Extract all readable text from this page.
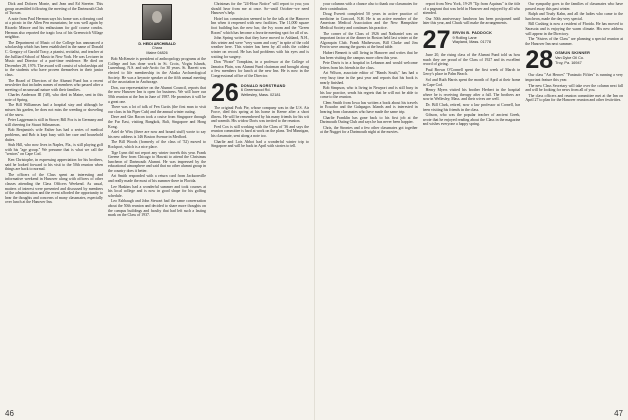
Dick and Dolores Monte, and Jean and Ed Streeter. This group assembled following the meeting of the Dartmouth Club of Tucson.

A note from Paul Herman says his home was a drawing card at a picnic in the Allen Pen mountains; he was well again by Ricardo Minore and his enthusiasm for golf course condos. Herman also reported the tragic loss of his Greenwich Village neighbor.

The Department of Music of the College has announced a scholarship which has been established in the name of Donald C. Gregory of Garold Tracy, a pianist, recitalist, and teacher at the Juilliard School of Music in New York. He was Lecturer in Music and Director of a part-time residence. He died on December 28, 1976. The award will consist of scholarships aid to the students who have proven themselves in their junior class.

The Board of Directors of the Alumni Fund has a recent newsletter that includes names of members who passed after a meeting of an unusual nature with their families.

Charles Anderson III ('48), who died in Maine, sent in this note of Spring.

The Bill Williamses had a hospital stay and although he misses his garden, he does not miss the weeding or shoveling of the snow.

Peter Laggeman is still in Stowe; Bill Fox is in Germany and still cheering for Stuart Stilmanson.

Bob Benjamin's wife Esther has had a series of medical problems, and Bob is kept busy with her care and household duties.

Stub Hill, who now lives in Naples, Fla., is still playing golf with his "age group." We presume that is what we call the "seniors" on Cape Cod.

Ken Christophe, in expressing appreciation for his brothers, said he looked forward to his visit to the 50th reunion when things are back to normal.

The officers of the Class spent an interesting and informative weekend in Hanover along with officers of other classes attending the Class Officers Weekend. As usual, matters of interest were presented and discussed by members of the administration and the event afforded the opportunity to hear the thoughts and concerns of many classmates, especially over lunch at the Hanover Inn.

D. HEIDI ARCHIBALD
Chara
Maine 04826

Bob McKenzie is president of anthropology programs at the College and has done work in St. Croix, Virgin Islands, Lunenburg, N.S. and sub-Arctic for 30 years. St. Barrett was elected to life membership in the Alaska Archaeological Society. He was a keynote speaker at the fifth annual meeting of the association in Anchorage.

Don, our representative on the Alumni Council, reports that the new Hanover Inn is open for business. We will have our 50th reunion at the Inn in June of 1987. He promises it will be a great one.

There was a lot of talk of Fen Curtis (the first man to visit our class in his Piper Cub) and the annual winter outing.

Dave and Gin Bacon took a cruise from Singapore through the Far East, visiting Bangkok, Bali, Singapore and Hong Kong.

Ariel de Wiss (there are now and bound stuff) wrote to say his new address is 146 Boston Avenue in Medford.

The Bill Woods (formerly of the class of '52) moved to Rockport, which is a nice place.

Tige Lynn did not report any winter travels this year. Frank Greene flew from Chicago to Hawaii to attend the Christmas luncheon of Dartmouth Alumni. He was impressed by the educational atmosphere and said that no other alumni group in the country does it better.

Art Smith responded with a return card from Jacksonville and really made the most of his summer there in Florida.

Lee Haskins had a wonderful summer and took courses at his local college and is now in good shape for his golfing schedule.

Leo Eshbaugh and John Stewart had the same conversation about the 50th reunion and decided to share more thoughts on the campus buildings and faculty that had left such a lasting mark on the Class of 1937.

Christmas for the "24-Hour Notice" will report to you; you should hear from me at once. So--until October--we need Hanover's help.

Hotel tax commission seemed to be the talk at the Hanover Inn when it reopened with new facilities. The 11,000 square foot building has the new bar, the Ivy room and the "Green Room" which has become a favorite meeting spot for all of us.

John Spring writes that they have moved to Ashland, N.H., this winter and were "very warm and cozy" in spite of the cold weather here. This winter has been by all odds the coldest winter on record. He has had problems with his eyes and is waiting for surgery.

Don "Pirate" Tompkins, in a professor at the College of Jamaica Plain, was Alumni Fund chairman and brought along a few members for lunch at the new Inn. He is now in the Congressional office of the Director.

26 DONALD NORSTRAND
6 Greenwood Rd.
Wellesley, Mass. 02181

The original Pork Pie, whose company was in the U.S. Air Force, died this spring at his home in Keene after a short illness. He will be remembered by his many friends for his wit and warmth. His widow Doris was invited to the reunion.

Fred Cox is still working with the Class of '36 and says the reunion committee is hard at work on the plans. Ted Minnigan, his classmate, sent along a note too.

Charlie and Lois Abbot had a wonderful winter trip to Singapore and will be back in April with stories to tell.

46

your columns with a chance also to thank our classmates for their contribution.

Doug Everett completed 50 years in active practice of medicine in Concord, N.H. He is an active member of the American Medical Association and the New Hampshire Medical Society and continues his practice.

The corner of the Class of 1926 and Nathaniel was an important factor at the dinner in Boston held last winter at the Algonquin Club. Frank Mathewson, Bill Clarke and Jim Ferrin were among the guests at the head table.

Hubert Bennett is still living in Hanover and writes that he has been visiting the campus more often this year.

Pete Davis is in a hospital in Lebanon and would welcome letters from his friends in the class.

Art Wilson, associate editor of "Hands South," has had a very busy time in the past year and reports that his book is nearly finished.

Bob Simpson, who is living in Newport and is still busy in his law practice, sends his regrets that he will not be able to come to the reunion.

Clem Smith from Iowa has written a book about his travels in Ecuador and the Galapagos Islands and is interested in hearing from classmates who have made the same trip.

Charlie Franklin has gone back to his first job at the Dartmouth Outing Club and says he has never been happier.

Chris, the Strontes and a few other classmates got together at the Nugget for a Dartmouth night at the movies.

report from New York, 19-29 "Up from Aquinas" is the title of a pageant that was held in Hanover and enjoyed by all who attended.

Our 50th anniversary luncheon has been postponed until later this year, and Chuck will make the arrangements.

27 ERVIN B. PADDOCK
9 Rolling Lane
Wayland, Mass. 01778

June 20, the rising class of the Alumni Fund told us how much they are proud of the Class of 1927 and its excellent record of giving.

Paul Brown O'Connell spent the first week of March in Gerry's place in Palm Beach.

Sol and Ruth Harris spent the month of April at their home in Cape Cod.

Henry Myers visited his brother Herbert in the hospital where he is receiving therapy after a fall. The brothers are now in Wellesley, Mass. and their wives are well.

Dr. Bill Clark, retired, now a law professor at Cornell, has been visiting his friends in the class.

Gibson, who was the popular teacher of ancient Greek, wrote that he enjoyed reading about the Class in the magazine and wishes everyone a happy spring.

Our sympathy goes to the families of classmates who have passed away this past winter.

Ralph and Trudy Kahn, and all the ladies who came to the luncheon, made the day very special.

Bill Cushing is now a resident of Florida. He has moved to Sarasota and is enjoying the warm climate. His new address will appear in the Directory.

The "Sisters of the Class" are planning a special reunion at the Hanover Inn next summer.

28 OSMUN SKINNER
Van Dyke Oil Co.
Troy, Pa. 16947

Our class "Art Heroes" "Fantastic Fifties" is running a very important feature this year.

The new Class Secretary will take over the column next fall and will be looking for news from all of you.

The class officers and reunion committee met at the Inn on April 27 to plan for the Hanover reunion and other festivities.

47
